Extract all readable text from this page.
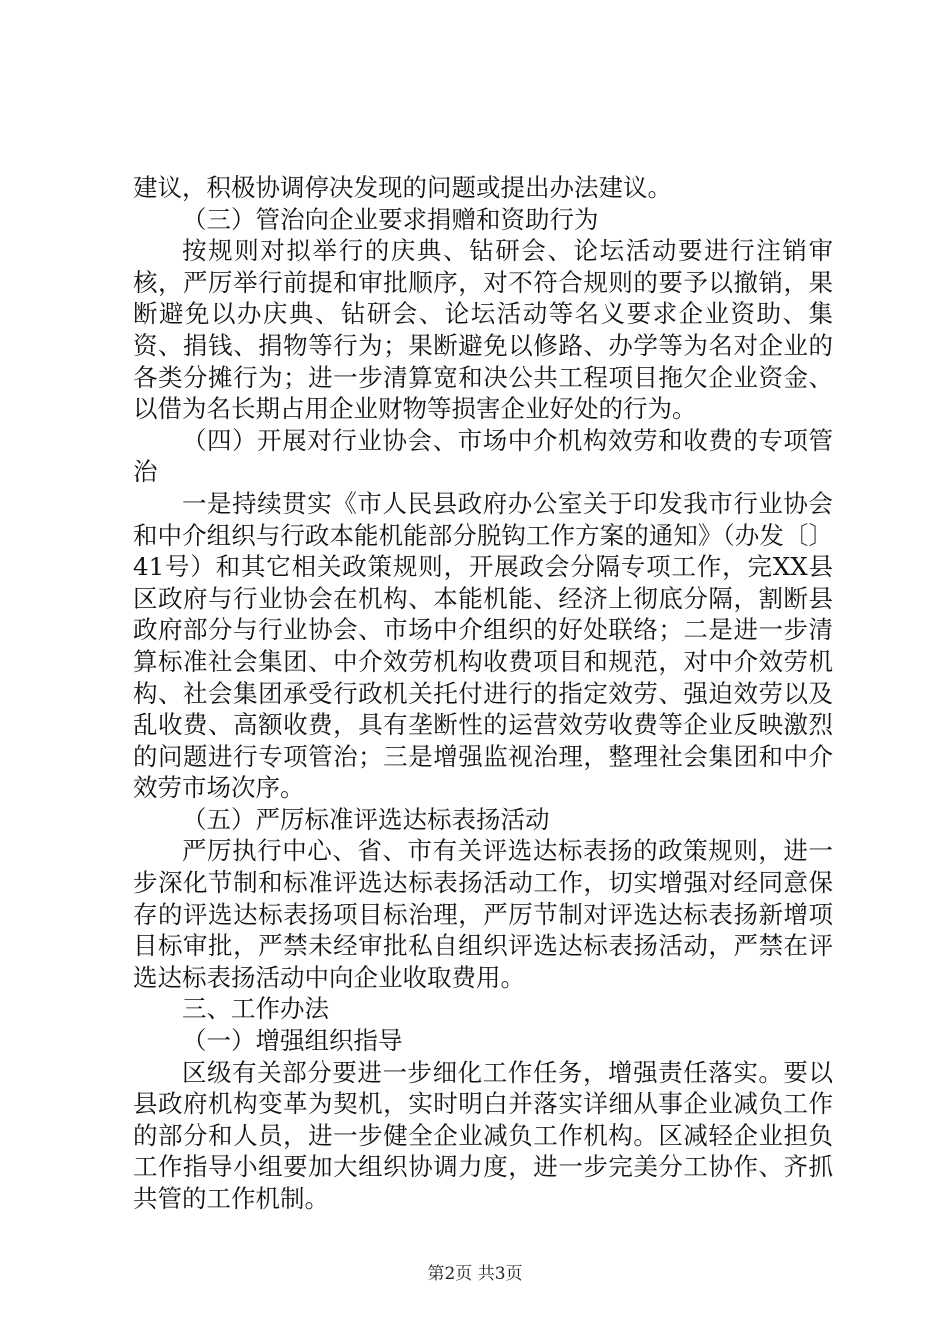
建议，积极协调停决发现的问题或提出办法建议。

（三）管治向企业要求捐赠和资助行为

按规则对拟举行的庆典、钻研会、论坛活动要进行注销审核，严厉举行前提和审批顺序，对不符合规则的要予以撤销，果断避免以办庆典、钻研会、论坛活动等名义要求企业资助、集资、捐钱、捐物等行为；果断避免以修路、办学等为名对企业的各类分摊行为；进一步清算宽和决公共工程项目拖欠企业资金、以借为名长期占用企业财物等损害企业好处的行为。

（四）开展对行业协会、市场中介机构效劳和收费的专项管治

一是持续贯实《市人民县政府办公室关于印发我市行业协会和中介组织与行政本能机能部分脱钩工作方案的通知》（办发〔〕41号）和其它相关政策规则，开展政会分隔专项工作，完XX县区政府与行业协会在机构、本能机能、经济上彻底分隔，割断县政府部分与行业协会、市场中介组织的好处联络；二是进一步清算标准社会集团、中介效劳机构收费项目和规范，对中介效劳机构、社会集团承受行政机关托付进行的指定效劳、强迫效劳以及乱收费、高额收费，具有垄断性的运营效劳收费等企业反映激烈的问题进行专项管治；三是增强监视治理，整理社会集团和中介效劳市场次序。

（五）严厉标准评选达标表扬活动

严厉执行中心、省、市有关评选达标表扬的政策规则，进一步深化节制和标准评选达标表扬活动工作，切实增强对经同意保存的评选达标表扬项目标治理，严厉节制对评选达标表扬新增项目标审批，严禁未经审批私自组织评选达标表扬活动，严禁在评选达标表扬活动中向企业收取费用。

三、工作办法

（一）增强组织指导

区级有关部分要进一步细化工作任务，增强责任落实。要以县政府机构变革为契机，实时明白并落实详细从事企业减负工作的部分和人员，进一步健全企业减负工作机构。区减轻企业担负工作指导小组要加大组织协调力度，进一步完美分工协作、齐抓共管的工作机制。

第2页 共3页
